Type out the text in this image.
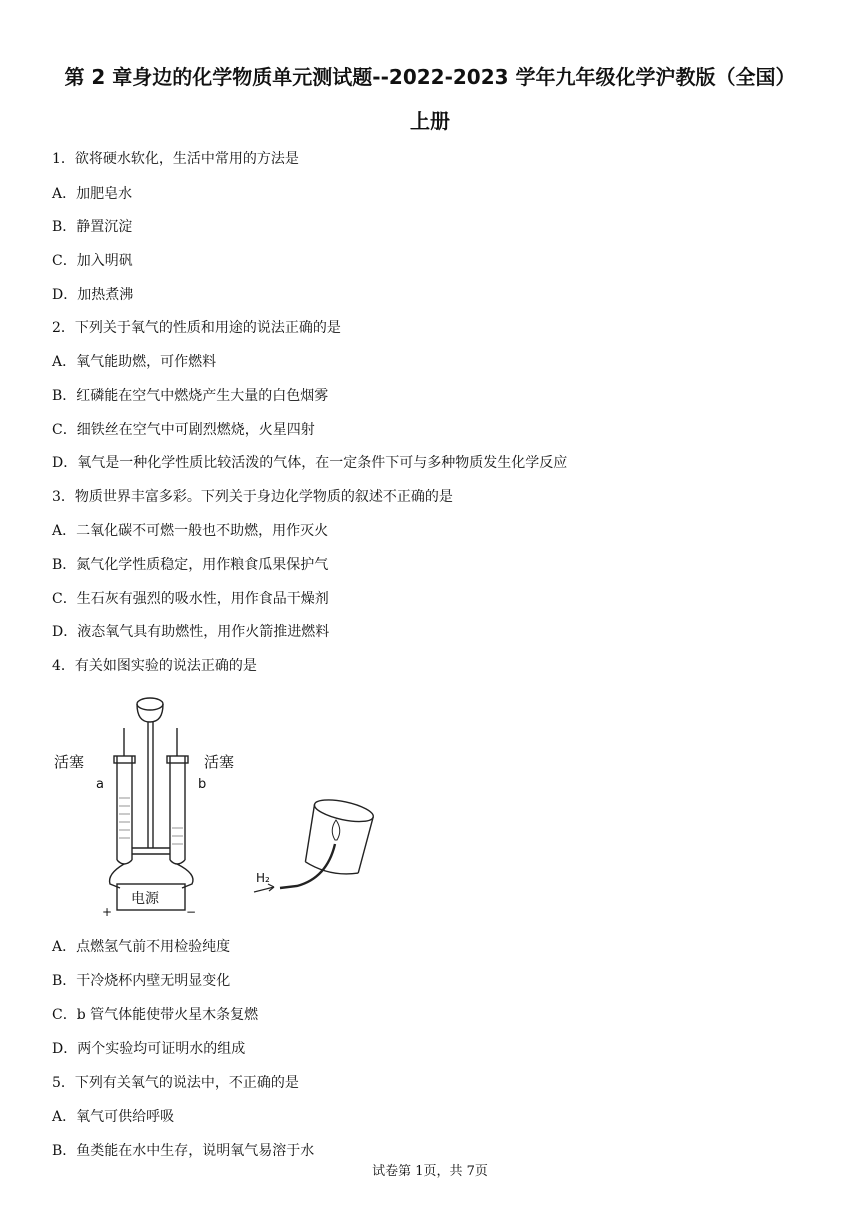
第 2 章身边的化学物质单元测试题--2022-2023 学年九年级化学沪教版（全国）
上册
1．欲将硬水软化，生活中常用的方法是
A．加肥皂水
B．静置沉淀
C．加入明矾
D．加热煮沸
2．下列关于氧气的性质和用途的说法正确的是
A．氧气能助燃，可作燃料
B．红磷能在空气中燃烧产生大量的白色烟雾
C．细铁丝在空气中可剧烈燃烧，火星四射
D．氧气是一种化学性质比较活泼的气体，在一定条件下可与多种物质发生化学反应
3．物质世界丰富多彩。下列关于身边化学物质的叙述不正确的是
A．二氧化碳不可燃一般也不助燃，用作灭火
B．氮气化学性质稳定，用作粮食瓜果保护气
C．生石灰有强烈的吸水性，用作食品干燥剂
D．液态氧气具有助燃性，用作火箭推进燃料
4．有关如图实验的说法正确的是
活塞	活塞
a	b
电源
+	−
H₂
A．点燃氢气前不用检验纯度
B．干冷烧杯内壁无明显变化
C．b 管气体能使带火星木条复燃
D．两个实验均可证明水的组成
5．下列有关氧气的说法中，不正确的是
A．氧气可供给呼吸
B．鱼类能在水中生存，说明氧气易溶于水
试卷第 1页，共 7页
